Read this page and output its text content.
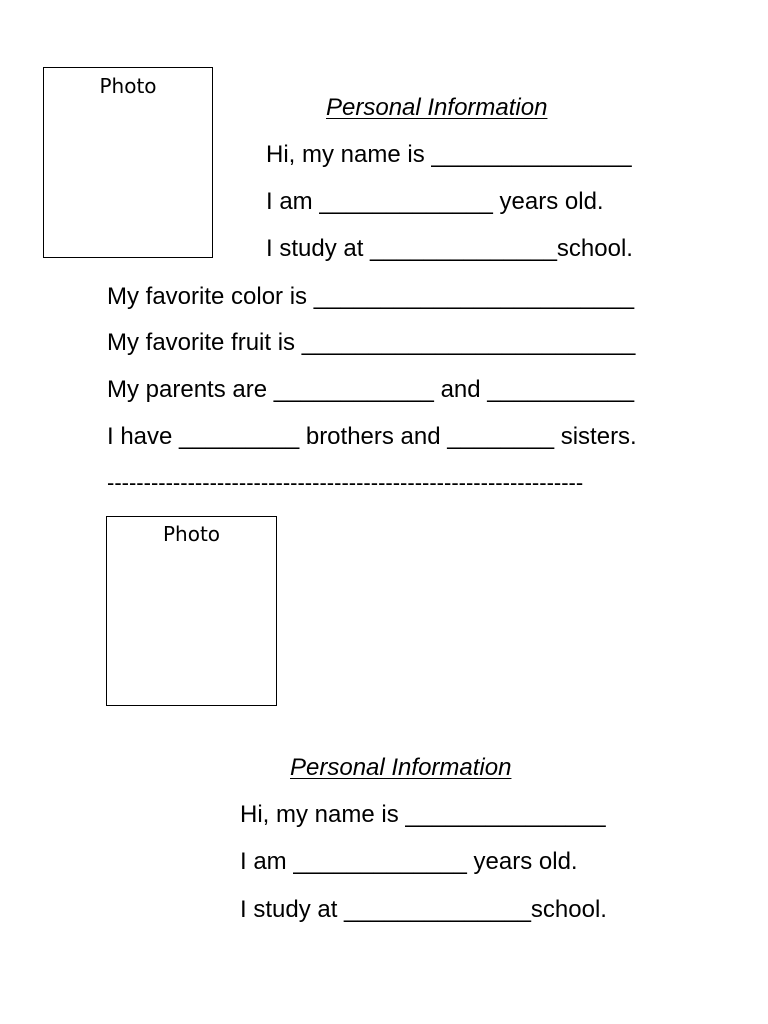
Photo
Personal Information
Hi, my name is _______________
I am _____________ years old.
I study at ______________school.
My favorite color is ________________________
My favorite fruit is _________________________
My parents are ____________ and ___________
I have _________ brothers and ________ sisters.
-----------------------------------------------------------------
Photo
Personal Information
Hi, my name is _______________
I am _____________ years old.
I study at ______________school.
